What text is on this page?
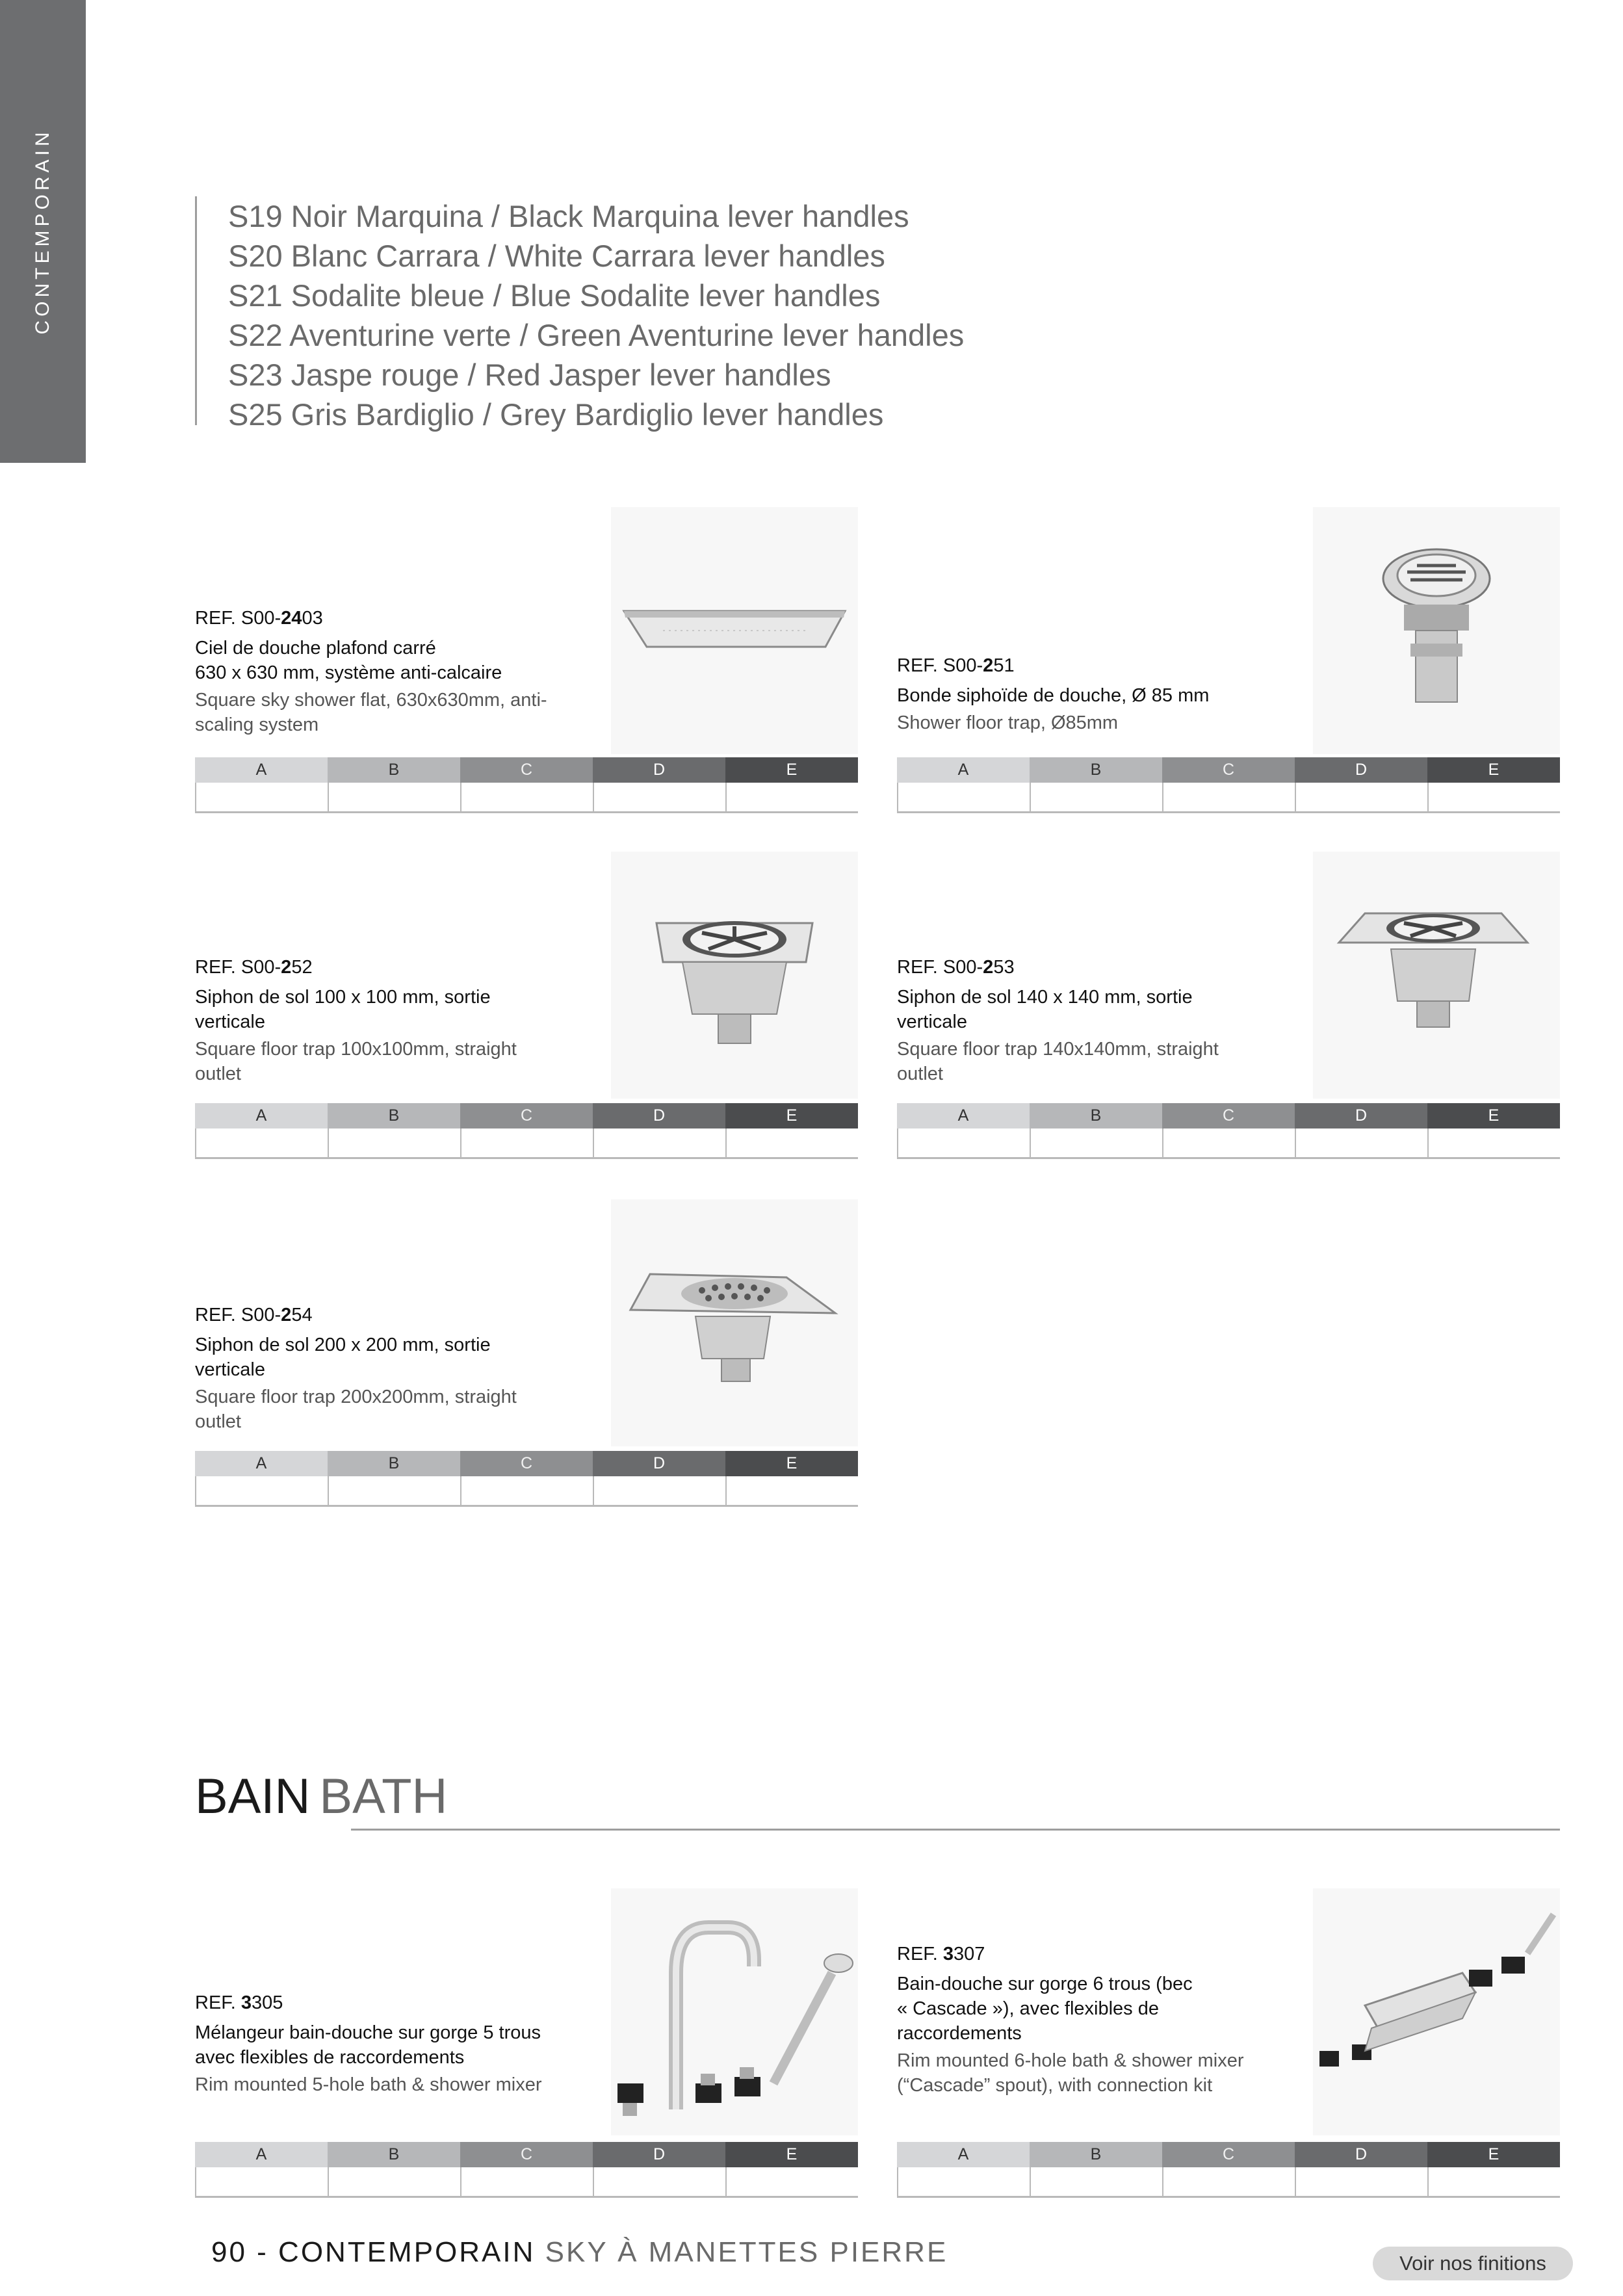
CONTEMPORAIN	S19 Noir Marquina / Black Marquina lever handles
S20 Blanc Carrara / White Carrara lever handles
S21 Sodalite bleue / Blue Sodalite lever handles
S22 Aventurine verte / Green Aventurine lever handles
S23 Jaspe rouge / Red Jasper lever handles
S25 Gris Bardiglio / Grey Bardiglio lever handles
REF. S00-2403
Ciel de douche plafond carré
630 x 630 mm, système anti-calcaire
Square sky shower flat, 630x630mm, anti-
scaling system
A	B	C	D	E
REF. S00-251
Bonde siphoïde de douche, Ø 85 mm
Shower floor trap, Ø85mm
A	B	C	D	E
REF. S00-252
Siphon de sol 100 x 100 mm, sortie
verticale
Square floor trap 100x100mm, straight
outlet
A	B	C	D	E
REF. S00-253
Siphon de sol 140 x 140 mm, sortie
verticale
Square floor trap 140x140mm, straight
outlet
A	B	C	D	E
REF. S00-254
Siphon de sol 200 x 200 mm, sortie
verticale
Square floor trap 200x200mm, straight
outlet
A	B	C	D	E
BAIN BATH
REF. 3305
Mélangeur bain-douche sur gorge 5 trous
avec flexibles de raccordements
Rim mounted 5-hole bath & shower mixer
A	B	C	D	E
REF. 3307
Bain-douche sur gorge 6 trous (bec
« Cascade »), avec flexibles de
raccordements
Rim mounted 6-hole bath & shower mixer
(“Cascade” spout), with connection kit
A	B	C	D	E
90 - CONTEMPORAIN SKY À MANETTES PIERRE	Voir nos finitions
